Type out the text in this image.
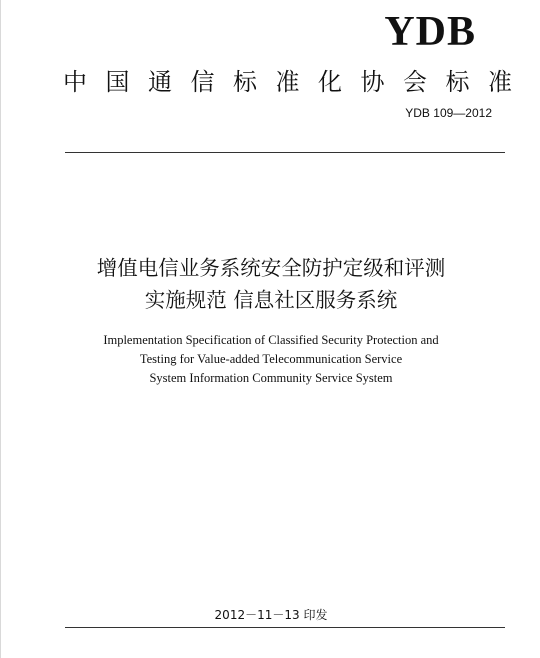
YDB
中国通信标准化协会标准
YDB 109—2012
增值电信业务系统安全防护定级和评测
实施规范 信息社区服务系统
Implementation Specification of Classified Security Protection and
Testing for Value-added Telecommunication Service
System Information Community Service System
2012－11－13 印发
